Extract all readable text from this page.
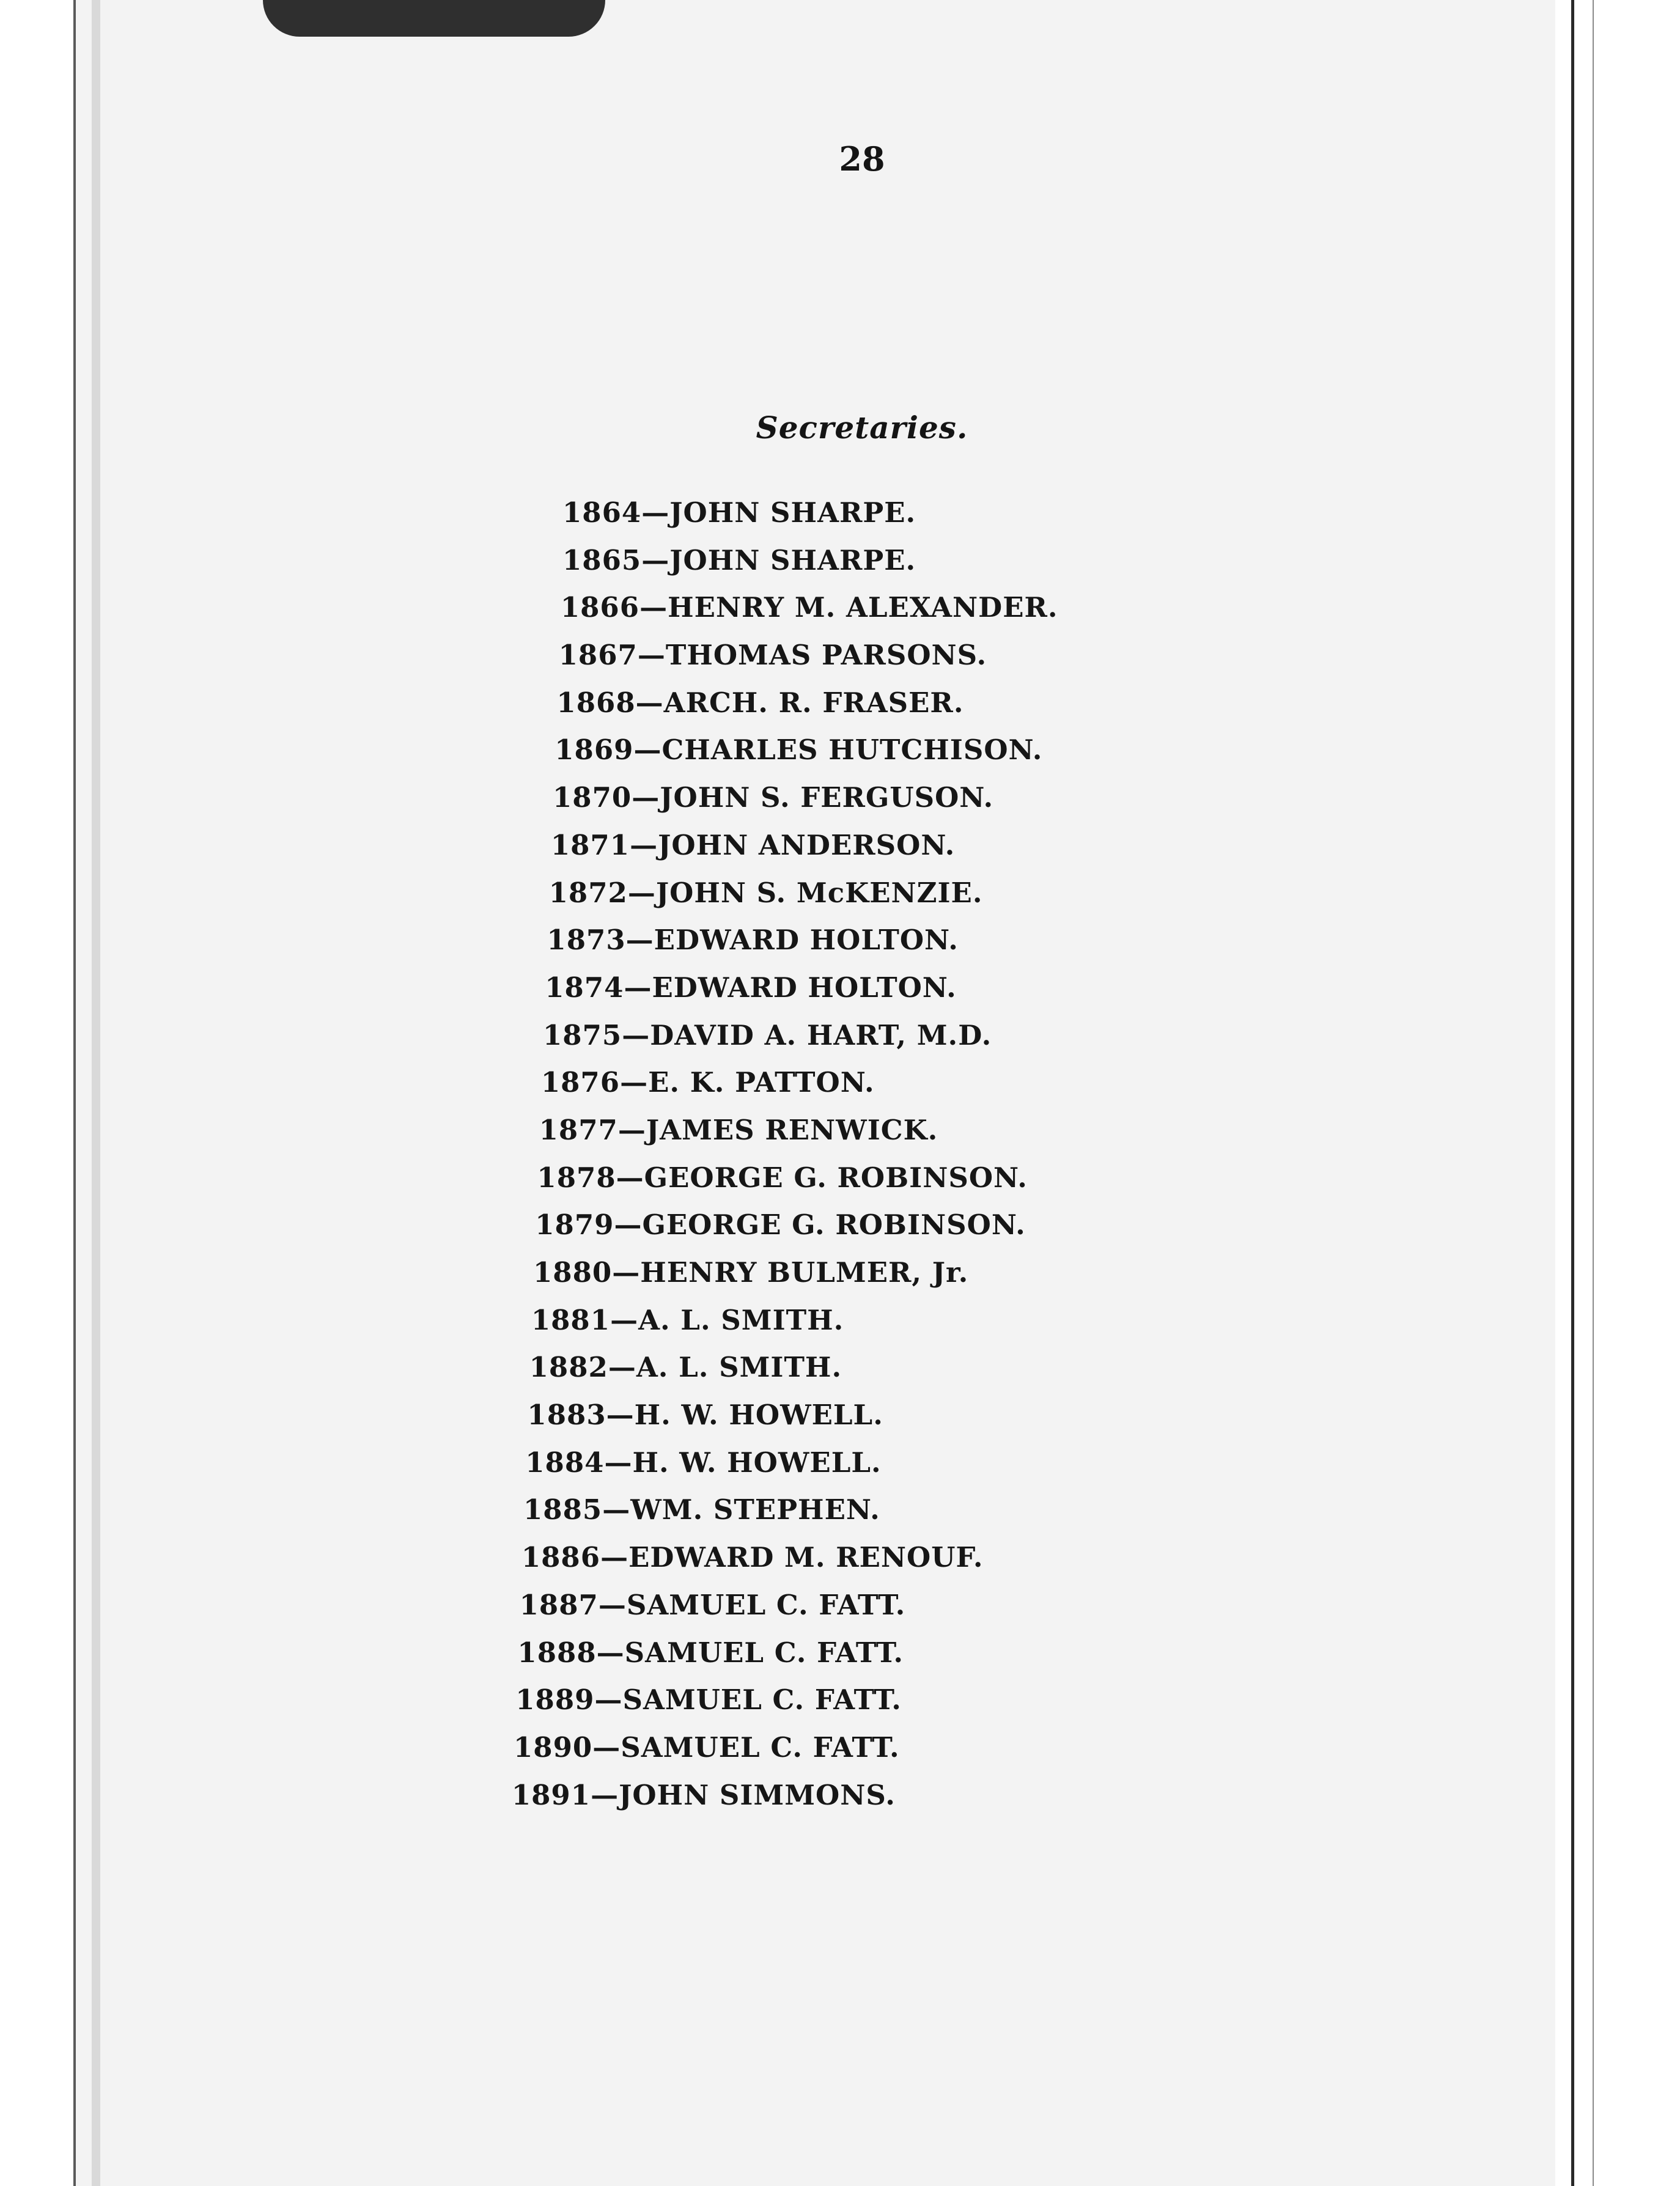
28
Secretaries.
1864—JOHN SHARPE.
1865—JOHN SHARPE.
1866—HENRY M. ALEXANDER.
1867—THOMAS PARSONS.
1868—ARCH. R. FRASER.
1869—CHARLES HUTCHISON.
1870—JOHN S. FERGUSON.
1871—JOHN ANDERSON.
1872—JOHN S. McKENZIE.
1873—EDWARD HOLTON.
1874—EDWARD HOLTON.
1875—DAVID A. HART, M.D.
1876—E. K. PATTON.
1877—JAMES RENWICK.
1878—GEORGE G. ROBINSON.
1879—GEORGE G. ROBINSON.
1880—HENRY BULMER, Jr.
1881—A. L. SMITH.
1882—A. L. SMITH.
1883—H. W. HOWELL.
1884—H. W. HOWELL.
1885—WM. STEPHEN.
1886—EDWARD M. RENOUF.
1887—SAMUEL C. FATT.
1888—SAMUEL C. FATT.
1889—SAMUEL C. FATT.
1890—SAMUEL C. FATT.
1891—JOHN SIMMONS.
